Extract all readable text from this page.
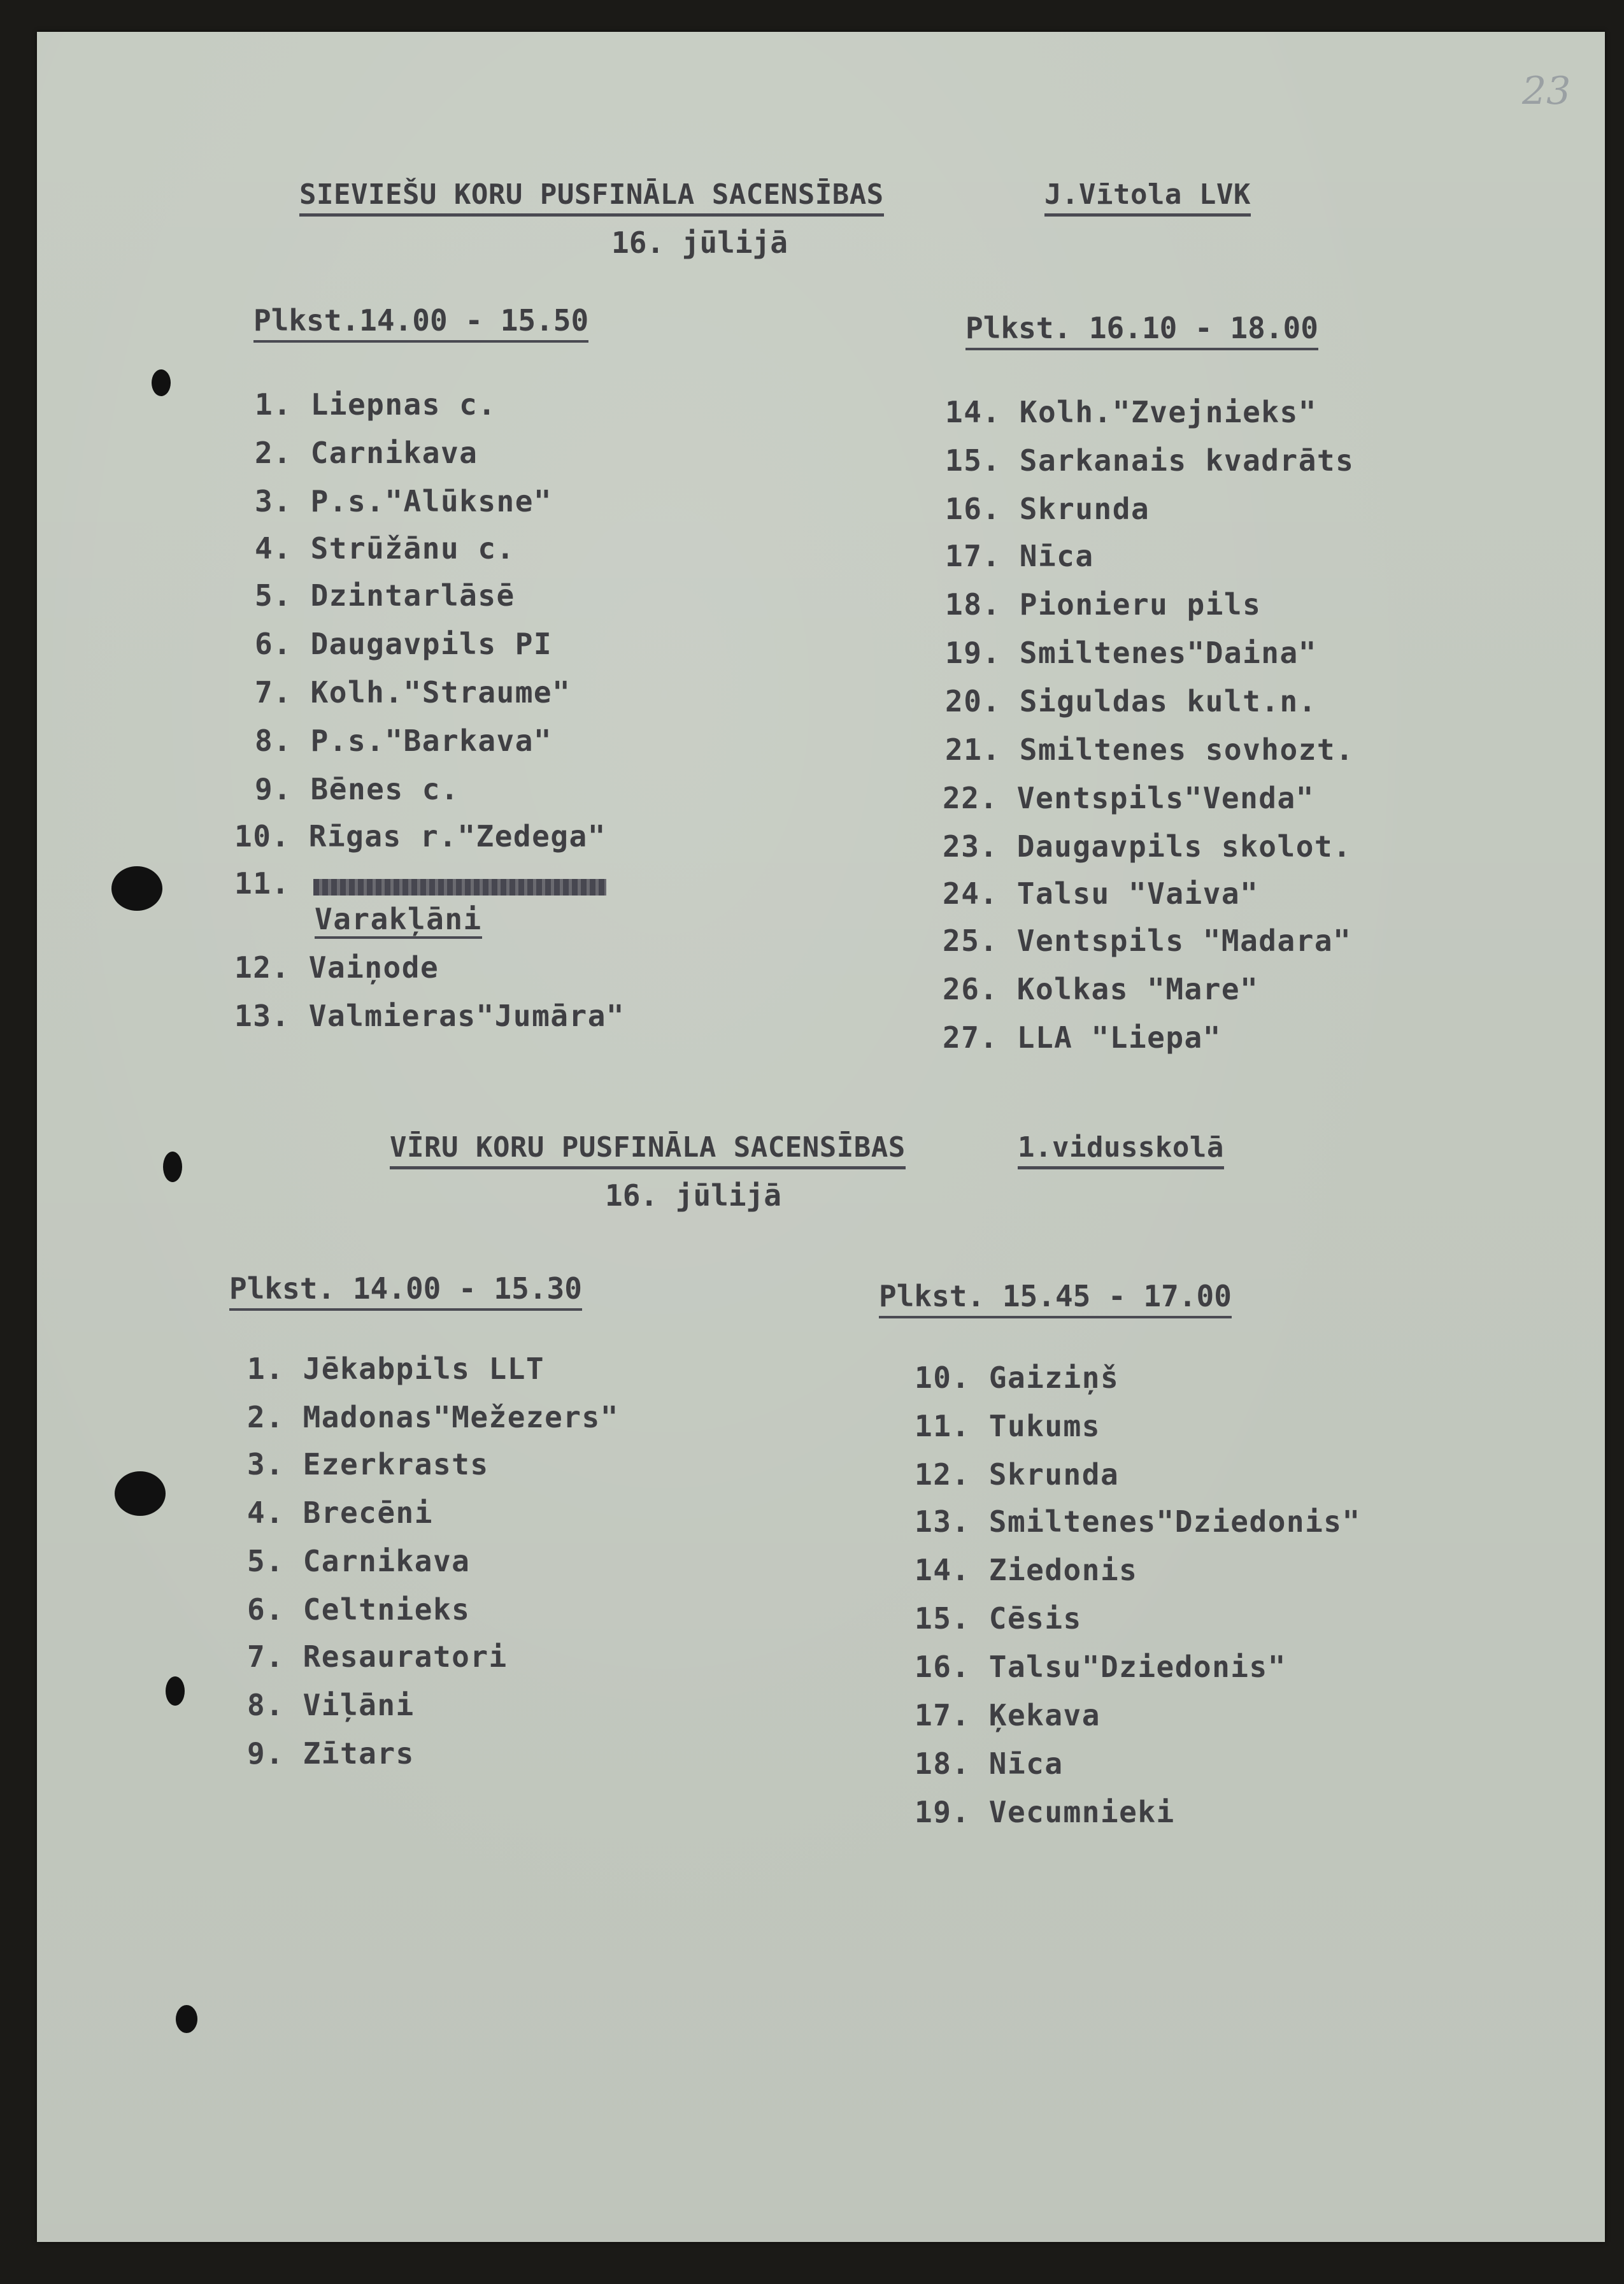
23
SIEVIEŠU KORU PUSFINĀLA SACENSĪBAS	J.Vītola LVK
16. jūlijā
Plkst.14.00 - 15.50	Plkst. 16.10 - 18.00
1. Liepnas c.
2. Carnikava
3. P.s."Alūksne"
4. Strūžānu c.
5. Dzintarlāsē
6. Daugavpils PI
7. Kolh."Straume"
8. P.s."Barkava"
9. Bēnes c.
10. Rīgas r."Zedega"
11.
Varakļāni
12. Vaiņode
13. Valmieras"Jumāra"
14. Kolh."Zvejnieks"
15. Sarkanais kvadrāts
16. Skrunda
17. Nīca
18. Pionieru pils
19. Smiltenes"Daina"
20. Siguldas kult.n.
21. Smiltenes sovhozt.
22. Ventspils"Venda"
23. Daugavpils skolot.
24. Talsu "Vaiva"
25. Ventspils "Madara"
26. Kolkas "Mare"
27. LLA "Liepa"
VĪRU KORU PUSFINĀLA SACENSĪBAS	1.vidusskolā
16. jūlijā
Plkst. 14.00 - 15.30	Plkst. 15.45 - 17.00
1. Jēkabpils LLT
2. Madonas"Mežezers"
3. Ezerkrasts
4. Brecēni
5. Carnikava
6. Celtnieks
7. Resauratori
8. Viļāni
9. Zītars
10. Gaiziņš
11. Tukums
12. Skrunda
13. Smiltenes"Dziedonis"
14. Ziedonis
15. Cēsis
16. Talsu"Dziedonis"
17. Ķekava
18. Nīca
19. Vecumnieki
